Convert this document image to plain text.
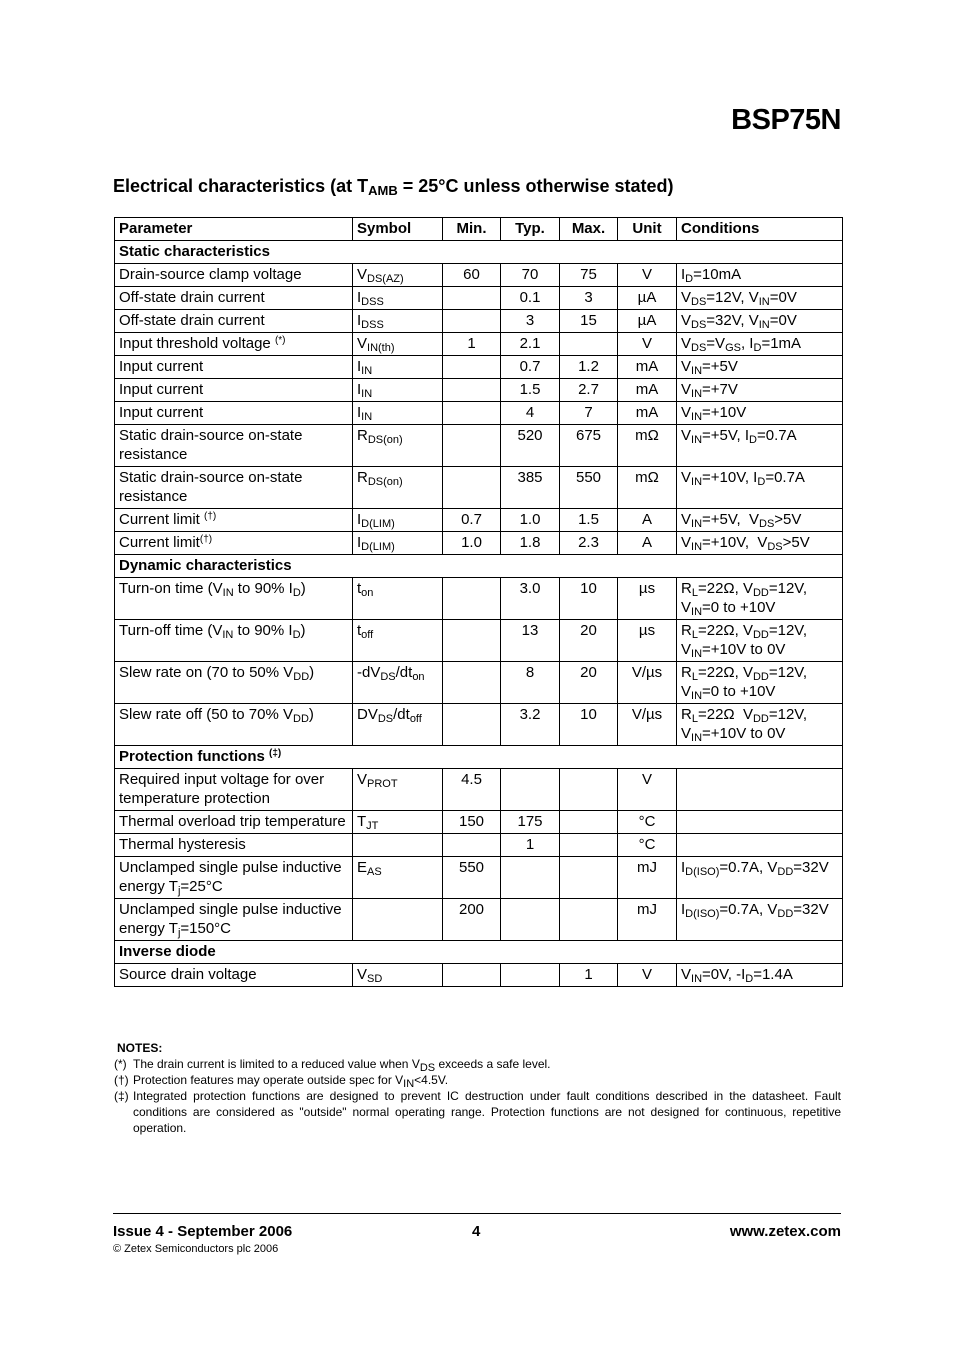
BSP75N
Electrical characteristics (at $T_{AMB} = 25^\circ C$ unless otherwise stated)
Parameter	Symbol	Min.	Typ.	Max.	Unit	Conditions
Static characteristics						
Drain-source clamp voltage	$V_{DS(AZ)}$	60	70	75	V	$I_D=10mA$
Off-state drain current	$I_{DSS}$		0.1	3	µA	$V_{DS}=12V$, $V_{IN}=0V$
Off-state drain current	$I_{DSS}$		3	15	µA	$V_{DS}=32V$, $V_{IN}=0V$
Input threshold voltage (*)	$V_{IN(th)}$	1	2.1		V	$V_{DS}=V_{GS}$, $I_D=1mA$
Input current	$I_{IN}$		0.7	1.2	mA	$V_{IN}=+5V$
Input current	$I_{IN}$		1.5	2.7	mA	$V_{IN}=+7V$
Input current	$I_{IN}$		4	7	mA	$V_{IN}=+10V$
Static drain-source on-state resistance	$R_{DS(on)}$		520	675	mΩ	$V_{IN}=+5V$, $I_D=0.7A$
Static drain-source on-state resistance	$R_{DS(on)}$		385	550	mΩ	$V_{IN}=+10V$, $I_D=0.7A$
Current limit (†)	$I_{D(LIM)}$	0.7	1.0	1.5	A	$V_{IN}=+5V$,  $V_{DS}>5V$
Current limit(†)	$I_{D(LIM)}$	1.0	1.8	2.3	A	$V_{IN}=+10V$,  $V_{DS}>5V$
Dynamic characteristics						
Turn-on time ($V_{IN}$ to 90% $I_D$)	$t_{on}$		3.0	10	µs	$R_L=22\Omega$, $V_{DD}=12V$, $V_{IN}=0$ to +10V
Turn-off time ($V_{IN}$ to 90% $I_D$)	$t_{off}$		13	20	µs	$R_L=22\Omega$, $V_{DD}=12V$, $V_{IN}=+10V$ to 0V
Slew rate on (70 to 50% $V_{DD}$)	$-dV_{DS}/dt_{on}$		8	20	V/µs	$R_L=22\Omega$, $V_{DD}=12V$, $V_{IN}=0$ to +10V
Slew rate off (50 to 70% $V_{DD}$)	$DV_{DS}/dt_{off}$		3.2	10	V/µs	$R_L=22\Omega$  $V_{DD}=12V$, $V_{IN}=+10V$ to 0V
Protection functions (‡)
Required input voltage for over temperature protection	$V_{PROT}$	4.5			V	
Thermal overload trip temperature	$T_{JT}$	150	175		°C	
Thermal hysteresis			1		°C	
Unclamped single pulse inductive energy $T_j=25^\circ C$	$E_{AS}$	550			mJ	$I_{D(ISO)}=0.7A$, $V_{DD}=32V$
Unclamped single pulse inductive energy $T_j=150^\circ C$		200			mJ	$I_{D(ISO)}=0.7A$, $V_{DD}=32V$
Inverse diode						
Source drain voltage	$V_{SD}$			1	V	$V_{IN}=0V$, $-I_D=1.4A$
NOTES:
(*) The drain current is limited to a reduced value when $V_{DS}$ exceeds a safe level.
(†) Protection features may operate outside spec for $V_{IN}<4.5V$.
(‡) Integrated protection functions are designed to prevent IC destruction under fault conditions described in the datasheet. Fault conditions are considered as "outside" normal operating range. Protection functions are not designed for continuous, repetitive operation.
Issue 4 - September 2006	4	www.zetex.com
© Zetex Semiconductors plc 2006
